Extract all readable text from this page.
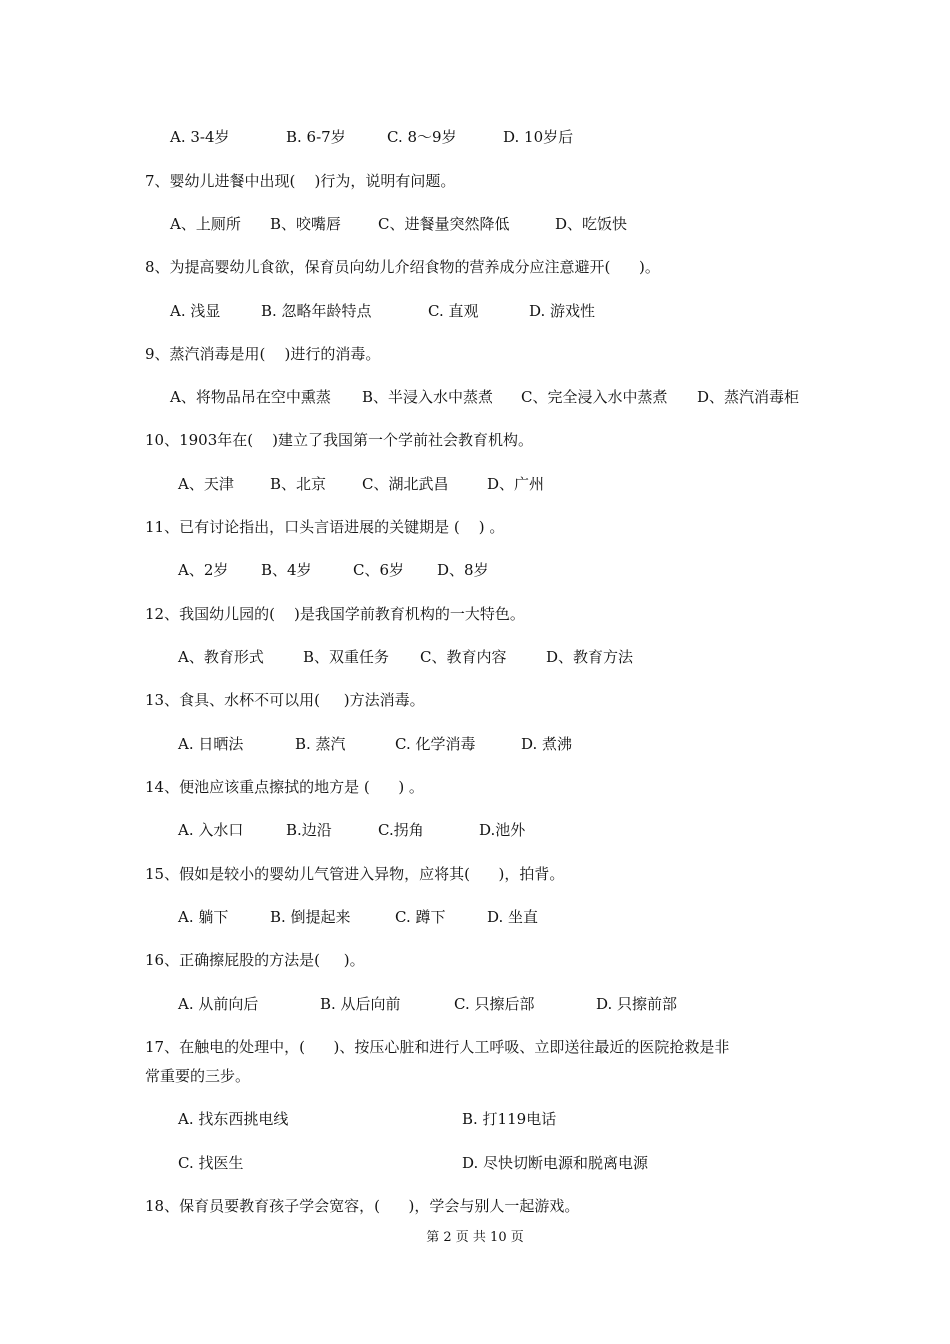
A. 3-4岁	B. 6-7岁	C. 8～9岁	D. 10岁后
7、婴幼儿进餐中出现(    )行为，说明有问题。
A、上厕所 B、咬嘴唇 C、进餐量突然降低	D、吃饭快
8、为提高婴幼儿食欲，保育员向幼儿介绍食物的营养成分应注意避开(      )。
A. 浅显	B. 忽略年龄特点	C. 直观	D. 游戏性
9、蒸汽消毒是用(    )进行的消毒。
A、将物品吊在空中熏蒸 B、半浸入水中蒸煮 C、完全浸入水中蒸煮 D、蒸汽消毒柜
10、1903年在(    )建立了我国第一个学前社会教育机构。
A、天津 B、北京 C、湖北武昌	D、广州
11、已有讨论指出，口头言语进展的关键期是 (    ) 。
A、2岁 B、4岁	C、6岁 D、8岁
12、我国幼儿园的(    )是我国学前教育机构的一大特色。
A、教育形式	B、双重任务 C、教育内容	D、教育方法
13、食具、水杯不可以用(     )方法消毒。
A. 日晒法	B. 蒸汽	C. 化学消毒	D. 煮沸
14、便池应该重点擦拭的地方是 (      ) 。
A. 入水口	B.边沿	C.拐角	D.池外
15、假如是较小的婴幼儿气管进入异物，应将其(      )，拍背。
A. 躺下	B. 倒提起来	C. 蹲下	D. 坐直
16、正确擦屁股的方法是(     )。
A. 从前向后	B. 从后向前	C. 只擦后部	D. 只擦前部
17、在触电的处理中，(      )、按压心脏和进行人工呼吸、立即送往最近的医院抢救是非
常重要的三步。
A. 找东西挑电线	B. 打119电话
C. 找医生	D. 尽快切断电源和脱离电源
18、保育员要教育孩子学会宽容，(      )，学会与别人一起游戏。
第 2 页 共 10 页
